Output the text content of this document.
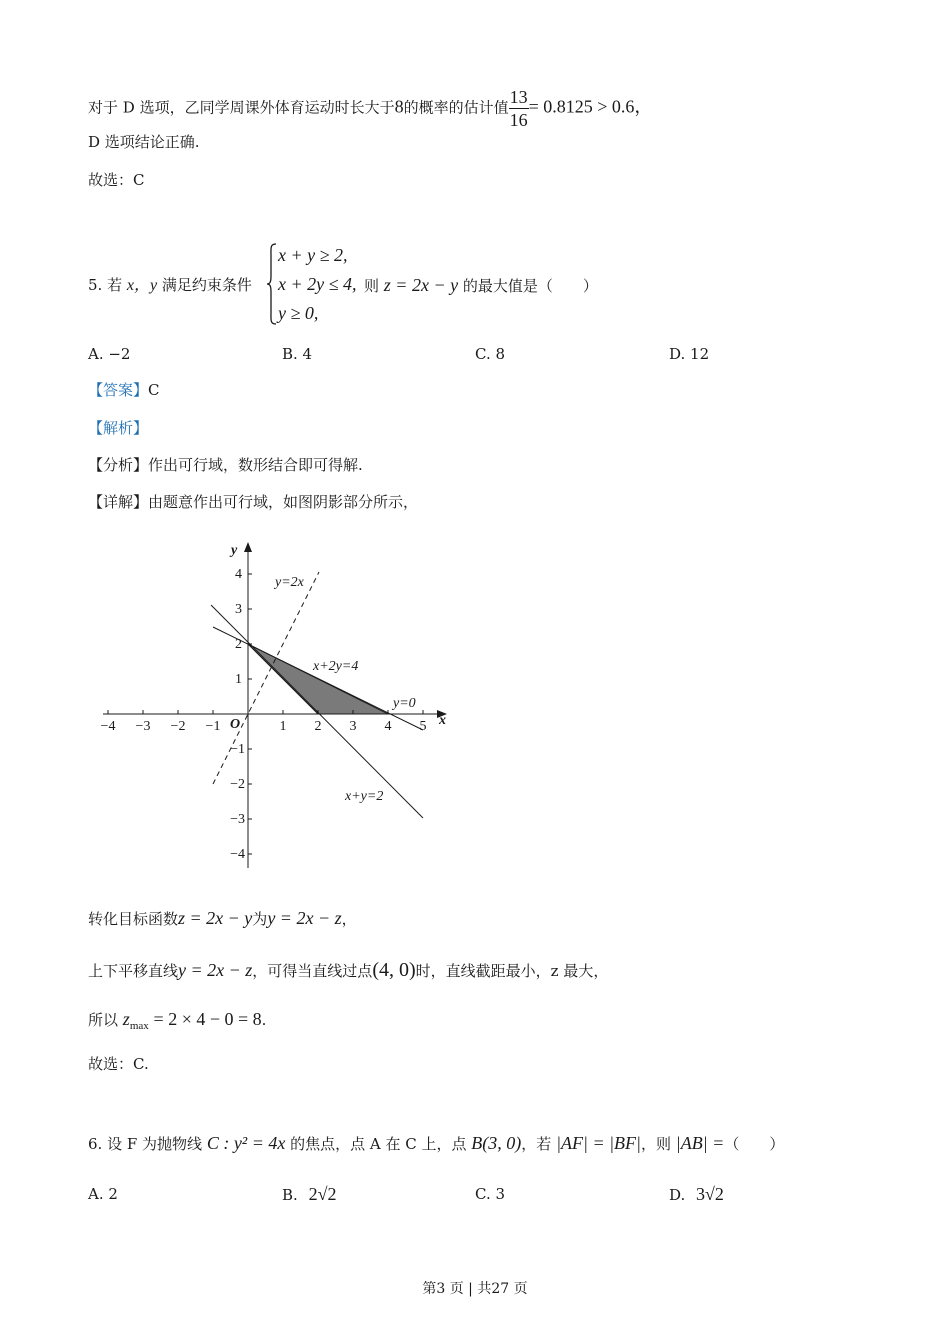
对于 D 选项，乙同学周课外体育运动时长大于8的概率的估计值 $\frac{13}{16} = 0.8125 > 0.6$，
D 选项结论正确.
故选：C
5. 若 x，y 满足约束条件
x + y ≥ 2,
x + 2y ≤ 4,
y ≥ 0,
则 z = 2x − y 的最大值是（　　）
A. −2	B. 4	C. 8	D. 12
【答案】C
【解析】
【分析】作出可行域，数形结合即可得解.
【详解】由题意作出可行域，如图阴影部分所示，
−4 −3 −2 −1	1 2 3 4 5
4
3
2
1
−1
−2
−3
−4
O	x
y
y=2x
x+2y=4
y=0
x+y=2
转化目标函数z = 2x − y为y = 2x − z，
上下平移直线y = 2x − z，可得当直线过点(4, 0)时，直线截距最小，z 最大，
所以 $z_{max} = 2 \times 4 - 0 = 8$.
故选：C.
6. 设 F 为抛物线 C : y² = 4x 的焦点，点 A 在 C 上，点 B(3, 0)，若 |AF| = |BF|，则 |AB| =（　　）
A. 2	B. 2√2	C. 3	D. 3√2
第3 页 | 共27 页
